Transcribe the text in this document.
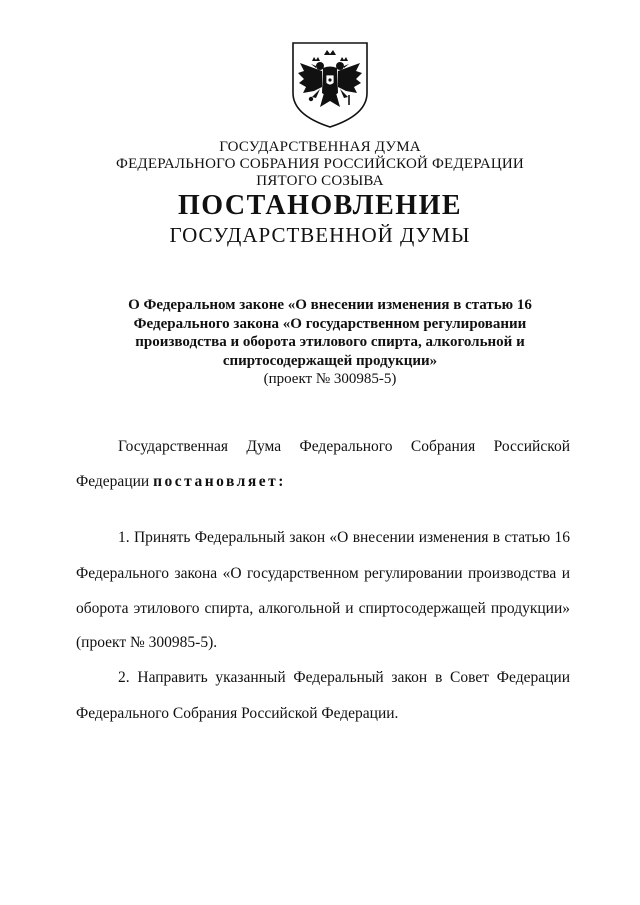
ГОСУДАРСТВЕННАЯ ДУМА
ФЕДЕРАЛЬНОГО СОБРАНИЯ РОССИЙСКОЙ ФЕДЕРАЦИИ
ПЯТОГО СОЗЫВА
ПОСТАНОВЛЕНИЕ
ГОСУДАРСТВЕННОЙ ДУМЫ
О Федеральном законе «О внесении изменения в статью 16
Федерального закона «О государственном регулировании
производства и оборота этилового спирта, алкогольной и
спиртосодержащей продукции»
(проект № 300985-5)
Государственная Дума Федерального Собрания Российской
Федерации постановляет:
1. Принять Федеральный закон «О внесении изменения в статью 16
Федерального закона «О государственном регулировании производства и
оборота этилового спирта, алкогольной и спиртосодержащей продукции»
(проект № 300985-5).
2. Направить указанный Федеральный закон в Совет Федерации
Федерального Собрания Российской Федерации.
